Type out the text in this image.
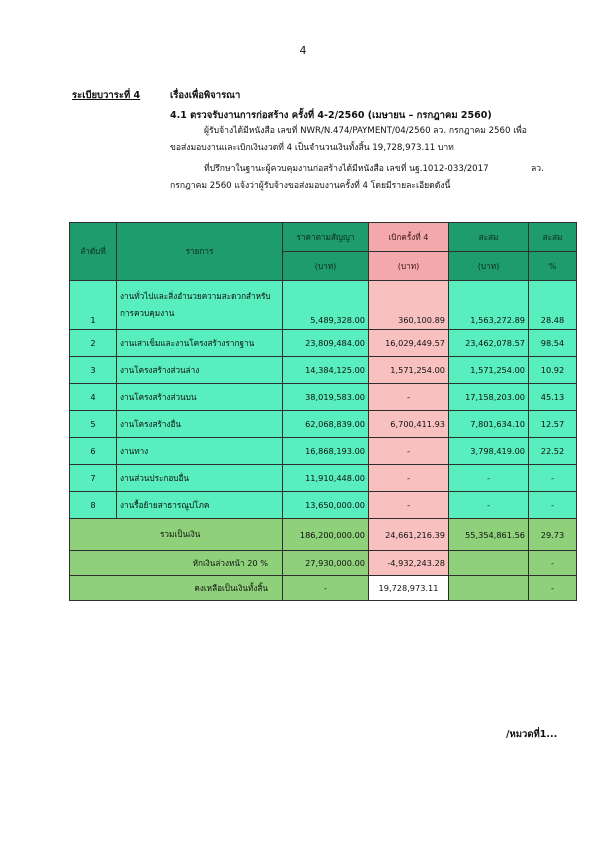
4
ระเบียบวาระที่ 4	เรื่องเพื่อพิจารณา
4.1 ตรวจรับงานการก่อสร้าง ครั้งที่ 4-2/2560 (เมษายน – กรกฎาคม 2560)
ผู้รับจ้างได้มีหนังสือ เลขที่ NWR/N.474/PAYMENT/04/2560 ลว. กรกฎาคม 2560 เพื่อ
ขอส่งมอบงานและเบิกเงินงวดที่ 4 เป็นจำนวนเงินทั้งสิ้น 19,728,973.11 บาท
ที่ปรึกษาในฐานะผู้ควบคุมงานก่อสร้างได้มีหนังสือ เลขที่ นฐ.1012-033/2017	ลว.
กรกฎาคม 2560 แจ้งว่าผู้รับจ้างขอส่งมอบงานครั้งที่ 4 โดยมีรายละเอียดดังนี้
ลำดับที่	รายการ	ราคาตามสัญญา	เบิกครั้งที่ 4	สะสม	สะสม
		(บาท)	(บาท)	(บาท)	%
1	งานทั่วไปและสิ่งอำนวยความสะดวกสำหรับ
การควบคุมงาน	5,489,328.00	360,100.89	1,563,272.89	28.48
2	งานเสาเข็มและงานโครงสร้างรากฐาน	23,809,484.00	16,029,449.57	23,462,078.57	98.54
3	งานโครงสร้างส่วนล่าง	14,384,125.00	1,571,254.00	1,571,254.00	10.92
4	งานโครงสร้างส่วนบน	38,019,583.00	-	17,158,203.00	45.13
5	งานโครงสร้างอื่น	62,068,839.00	6,700,411.93	7,801,634.10	12.57
6	งานทาง	16,868,193.00	-	3,798,419.00	22.52
7	งานส่วนประกอบอื่น	11,910,448.00	-	-	-
8	งานรื้อย้ายสาธารณูปโภค	13,650,000.00	-	-	-
รวมเป็นเงิน		186,200,000.00	24,661,216.39	55,354,861.56	29.73
หักเงินล่วงหน้า 20 %		27,930,000.00	-4,932,243.28		-
คงเหลือเป็นเงินทั้งสิ้น		-	19,728,973.11		-
/หมวดที่1...
